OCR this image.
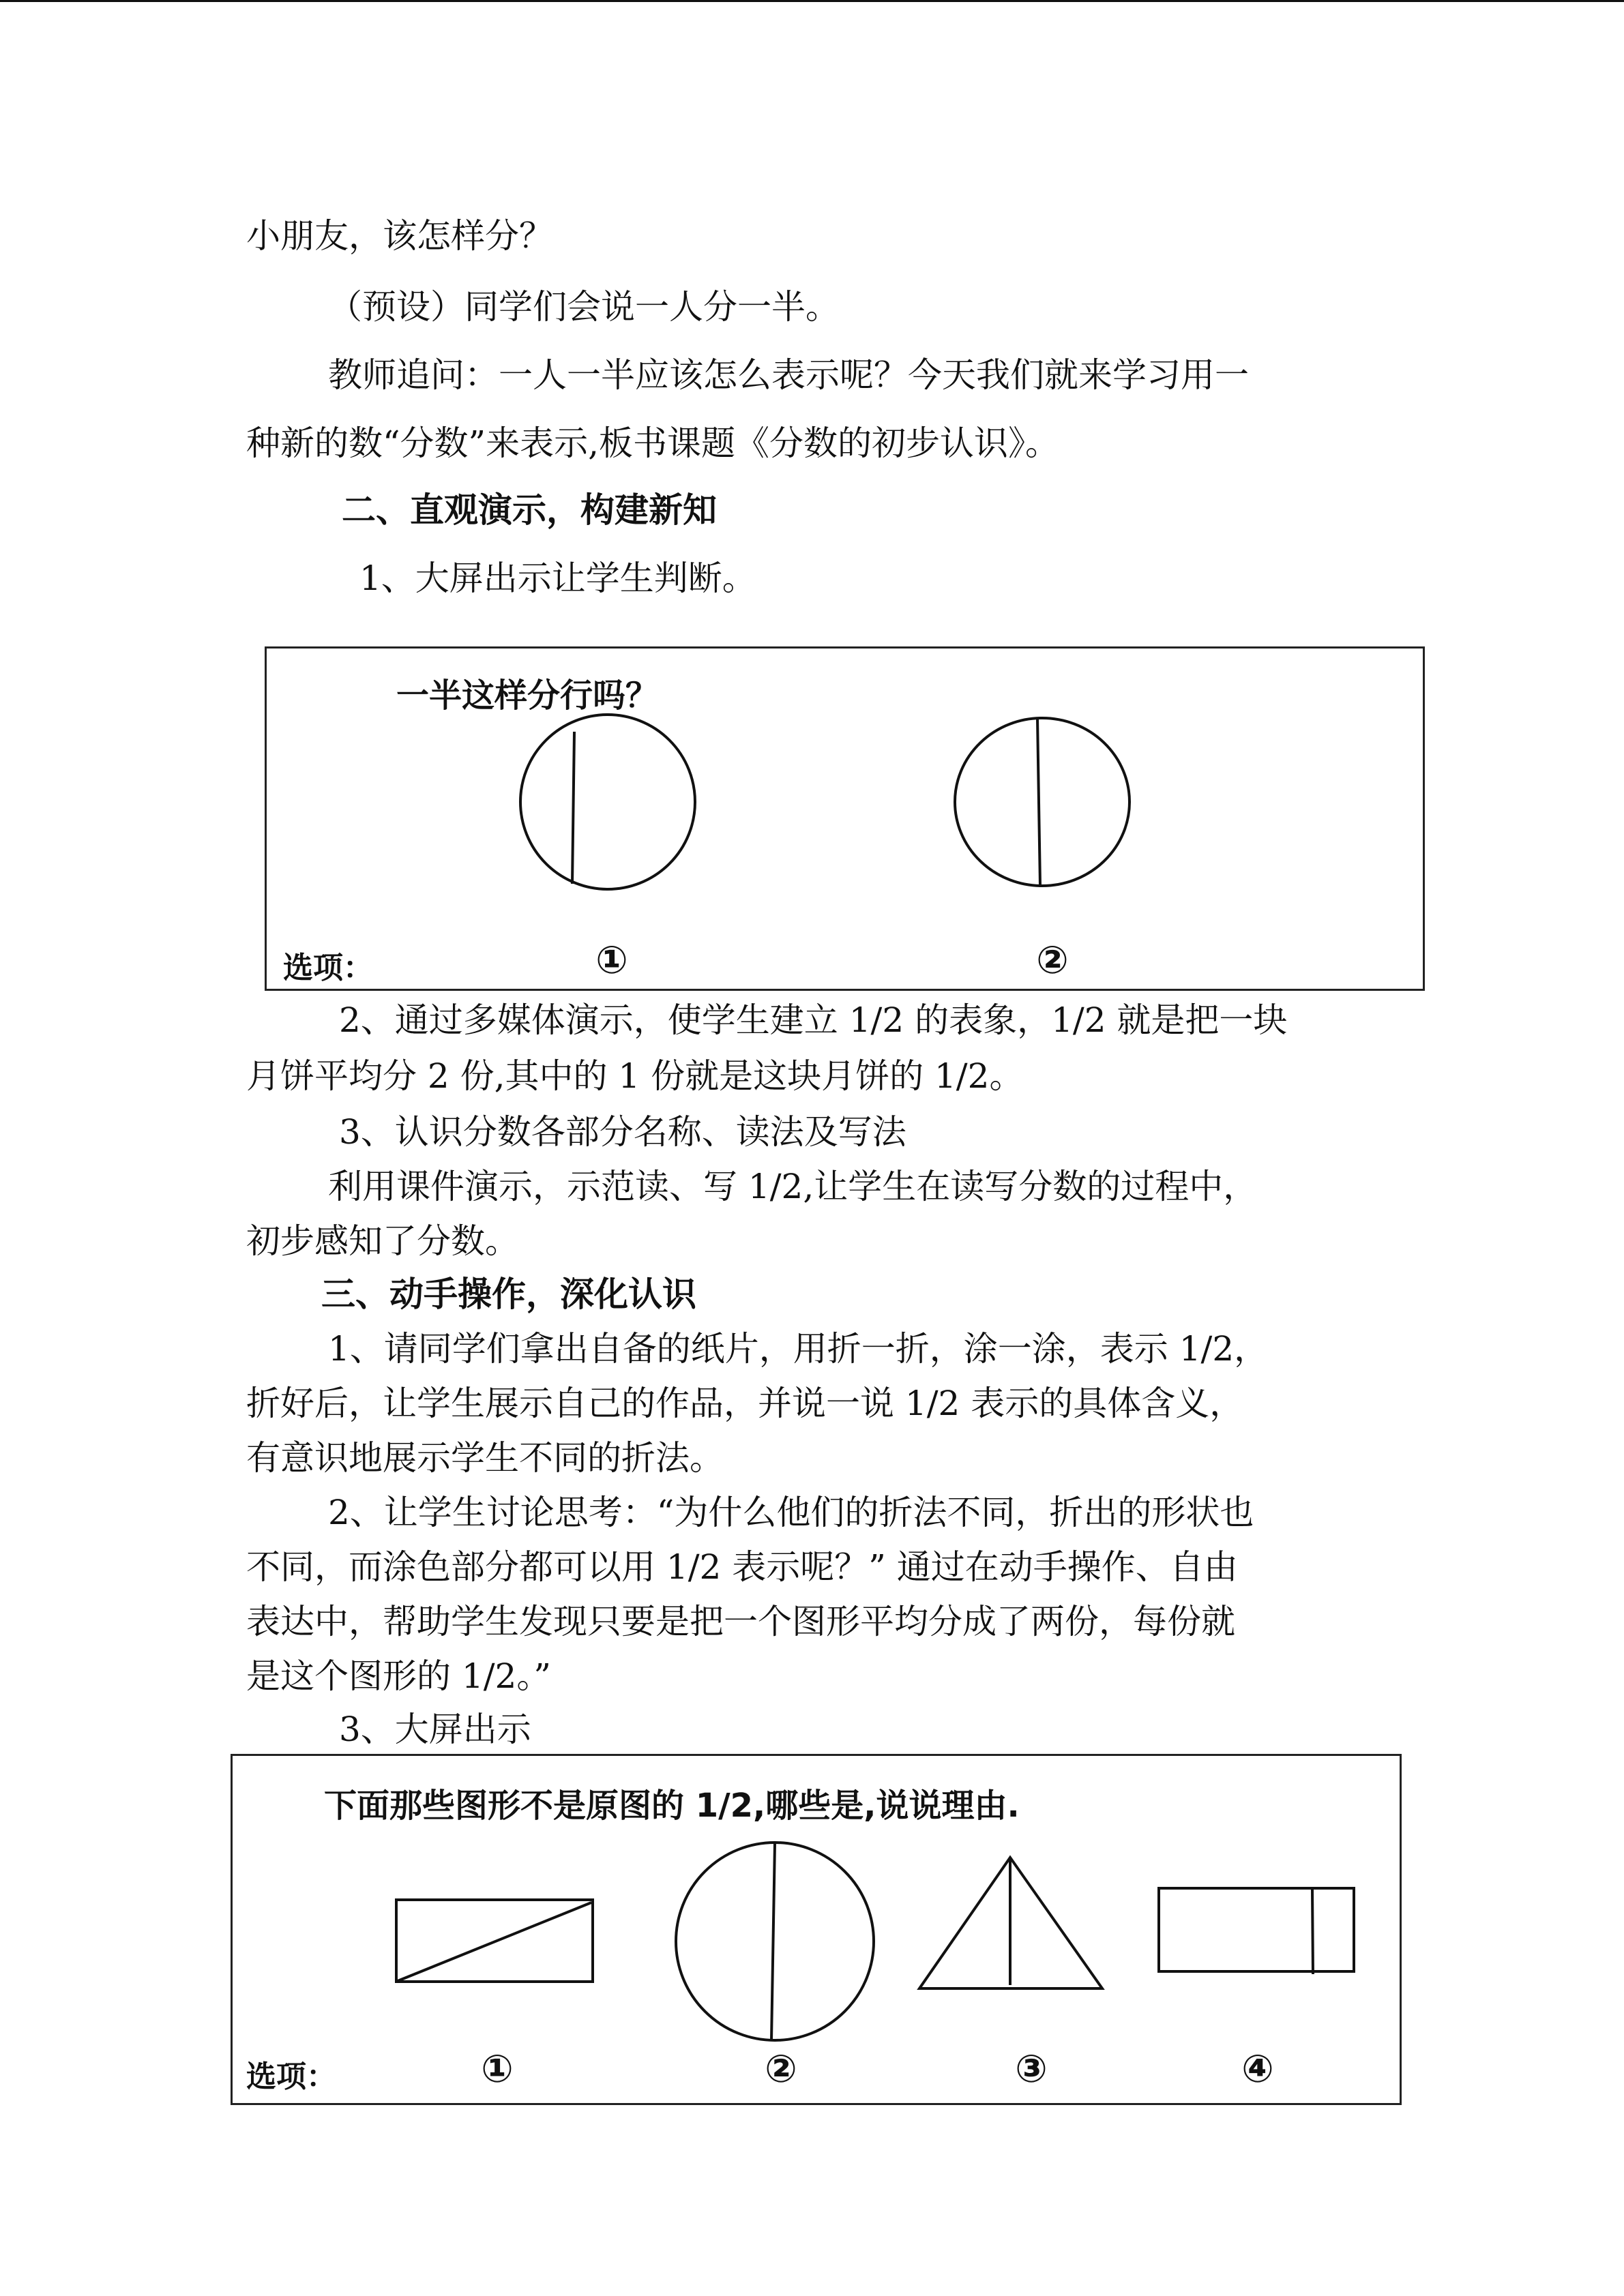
小朋友，该怎样分？
（预设）同学们会说一人分一半。
教师追问：一人一半应该怎么表示呢？今天我们就来学习用一
种新的数“分数”来表示,板书课题《分数的初步认识》。
二、直观演示，构建新知
1、大屏出示让学生判断。
一半这样分行吗？
选项：	①	②
2、通过多媒体演示，使学生建立 1/2 的表象，1/2 就是把一块
月饼平均分 2 份,其中的 1 份就是这块月饼的 1/2。
3、认识分数各部分名称、读法及写法
利用课件演示，示范读、写 1/2,让学生在读写分数的过程中，
初步感知了分数。
三、动手操作，深化认识
1、请同学们拿出自备的纸片，用折一折，涂一涂，表示 1/2，
折好后，让学生展示自己的作品，并说一说 1/2 表示的具体含义，
有意识地展示学生不同的折法。
2、让学生讨论思考：“为什么他们的折法不同，折出的形状也
不同，而涂色部分都可以用 1/2 表示呢？” 通过在动手操作、自由
表达中，帮助学生发现只要是把一个图形平均分成了两份，每份就
是这个图形的 1/2。”
3、大屏出示
下面那些图形不是原图的 1/2,哪些是,说说理由.
选项：	①	②	③	④
